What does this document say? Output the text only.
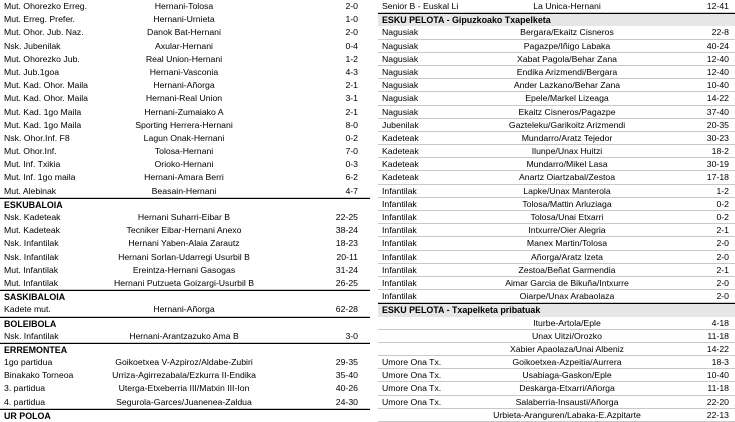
Mut. Ohorezko Erreg.	Hernani-Tolosa	2-0
Mut. Erreg. Prefer.	Hernani-Urnieta	1-0
Mut. Ohor. Jub. Naz.	Danok Bat-Hernani	2-0
Nsk. Jubenilak	Axular-Hernani	0-4
Mut. Ohorezko Jub.	Real Union-Hernani	1-2
Mut. Jub.1goa	Hernani-Vasconia	4-3
Mut. Kad. Ohor. Maila	Hernani-Añorga	2-1
Mut. Kad. Ohor. Maila	Hernani-Real Union	3-1
Mut. Kad. 1go Maila	Hernani-Zumaiako A	2-1
Mut. Kad. 1go Maila	Sporting Herrera-Hernani	8-0
Nsk. Ohor.Inf. F8	Lagun Onak-Hernani	0-2
Mut. Ohor.Inf.	Tolosa-Hernani	7-0
Mut. Inf. Txikia	Orioko-Hernani	0-3
Mut. Inf. 1go maila	Hernani-Amara Berri	6-2
Mut. Alebinak	Beasain-Hernani	4-7
ESKUBALOIA
Nsk. Kadeteak	Hernani Suharri-Eibar B	22-25
Mut. Kadeteak	Tecniker Eibar-Hernani Anexo	38-24
Nsk. Infantilak	Hernani Yaben-Alaia Zarautz	18-23
Nsk. Infantilak	Hernani Sorlan-Udarregi Usurbil B	20-11
Mut. Infantilak	Ereintza-Hernani Gasogas	31-24
Mut. Infantilak	Hernani Putzueta Goizargi-Usurbil B	26-25
SASKIBALOIA
Kadete mut.	Hernani-Añorga	62-28
BOLEIBOLA
Nsk. Infantilak	Hernani-Arantzazuko Ama B	3-0
ERREMONTEA
1go partidua	Goikoetxea V-Azpiroz/Aldabe-Zubiri	29-35
Binakako Torneoa	Urriza-Agirrezabala/Ezkurra II-Endika	35-40
3. partidua	Uterga-Etxeberria III/Matxin III-Ion	40-26
4. partidua	Segurola-Garces/Juanenea-Zaldua	24-30
UR POLOA
Senior B - Euskal Li	La Unica-Hernani	12-41
ESKU PELOTA - Gipuzkoako Txapelketa
Nagusiak	Bergara/Ekaitz Cisneros	22-8
Nagusiak	Pagazpe/Iñigo Labaka	40-24
Nagusiak	Xabat Pagola/Behar Zana	12-40
Nagusiak	Endika Arizmendi/Bergara	12-40
Nagusiak	Ander Lazkano/Behar Zana	10-40
Nagusiak	Epele/Markel Lizeaga	14-22
Nagusiak	Ekaitz Cisneros/Pagazpe	37-40
Jubenilak	Gazteleku/Garikoitz Arizmendi	20-35
Kadeteak	Mundarro/Aratz Tejedor	30-23
Kadeteak	Ilunpe/Unax Huitzi	18-2
Kadeteak	Mundarro/Mikel Lasa	30-19
Kadeteak	Anartz Oiartzabal/Zestoa	17-18
Infantilak	Lapke/Unax Manterola	1-2
Infantilak	Tolosa/Mattin Arluziaga	0-2
Infantilak	Tolosa/Unai Etxarri	0-2
Infantilak	Intxurre/Oier Alegria	2-1
Infantilak	Manex Martin/Tolosa	2-0
Infantilak	Añorga/Aratz Izeta	2-0
Infantilak	Zestoa/Beñat Garmendia	2-1
Infantilak	Aimar Garcia de Bikuña/Intxurre	2-0
Infantilak	Oiarpe/Unax Arabaolaza	2-0
ESKU PELOTA - Txapelketa pribatuak
Iturbe-Artola/Eple	4-18
Unax Uitzi/Orozko	11-18
Xabier Apaolaza/Unai Albeniz	14-22
Umore Ona Tx.	Goikoetxea-Azpeitia/Aurrera	18-3
Umore Ona Tx.	Usabiaga-Gaskon/Eple	10-40
Umore Ona Tx.	Deskarga-Etxarri/Añorga	11-18
Umore Ona Tx.	Salaberria-Insausti/Añorga	22-20
Urbieta-Aranguren/Labaka-E.Azpitarte	22-13
